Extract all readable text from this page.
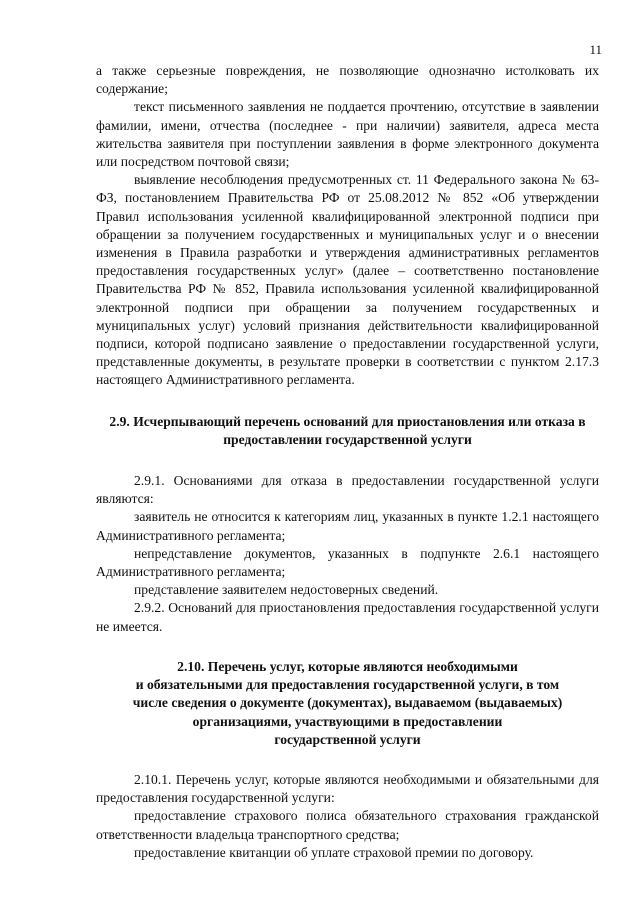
11

а также серьезные повреждения, не позволяющие однозначно истолковать их содержание;

текст письменного заявления не поддается прочтению, отсутствие в заявлении фамилии, имени, отчества (последнее - при наличии) заявителя, адреса места жительства заявителя при поступлении заявления в форме электронного документа или посредством почтовой связи;

выявление несоблюдения предусмотренных ст. 11 Федерального закона № 63-ФЗ, постановлением Правительства РФ от 25.08.2012 № 852 «Об утверждении Правил использования усиленной квалифицированной электронной подписи при обращении за получением государственных и муниципальных услуг и о внесении изменения в Правила разработки и утверждения административных регламентов предоставления государственных услуг» (далее – соответственно постановление Правительства РФ № 852, Правила использования усиленной квалифицированной электронной подписи при обращении за получением государственных и муниципальных услуг) условий признания действительности квалифицированной подписи, которой подписано заявление о предоставлении государственной услуги, представленные документы, в результате проверки в соответствии с пунктом 2.17.3 настоящего Административного регламента.

2.9. Исчерпывающий перечень оснований для приостановления или отказа в предоставлении государственной услуги

2.9.1. Основаниями для отказа в предоставлении государственной услуги являются:

заявитель не относится к категориям лиц, указанных в пункте 1.2.1 настоящего Административного регламента;

непредставление документов, указанных в подпункте 2.6.1 настоящего Административного регламента;

представление заявителем недостоверных сведений.

2.9.2. Оснований для приостановления предоставления государственной услуги не имеется.

2.10. Перечень услуг, которые являются необходимыми
и обязательными для предоставления государственной услуги, в том
числе сведения о документе (документах), выдаваемом (выдаваемых)
организациями, участвующими в предоставлении
государственной услуги

2.10.1. Перечень услуг, которые являются необходимыми и обязательными для предоставления государственной услуги:

предоставление страхового полиса обязательного страхования гражданской ответственности владельца транспортного средства;

предоставление квитанции об уплате страховой премии по договору.
